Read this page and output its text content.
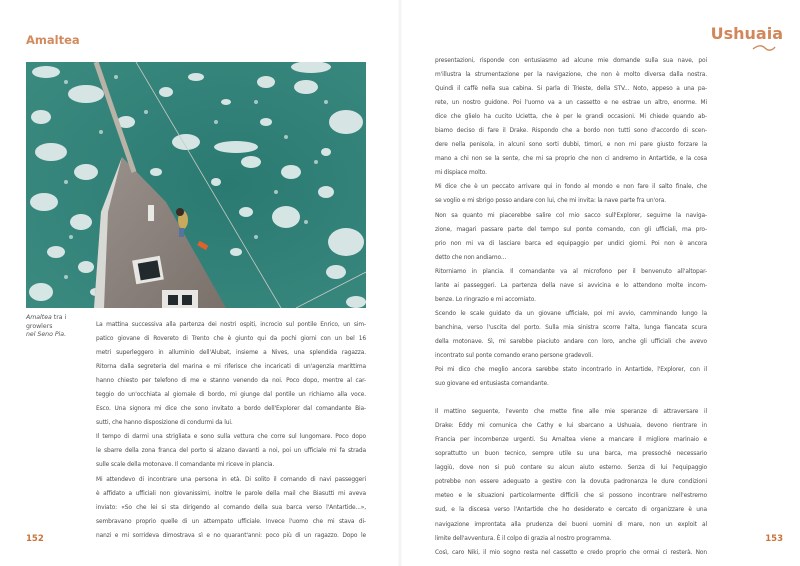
Amaltea
Amaltea tra i growlers
nel Seno Pia.
La mattina successiva alla partenza dei nostri ospiti, incrocio sul pontile Enrico, un sim-
patico giovane di Rovereto di Trento che è giunto qui da pochi giorni con un bel 16
metri superleggero in alluminio dell'Alubat, insieme a Nives, una splendida ragazza.
Ritorna dalla segreteria del marina e mi riferisce che incaricati di un'agenzia marittima
hanno chiesto per telefono di me e stanno venendo da noi. Poco dopo, mentre al car-
teggio do un'occhiata al giornale di bordo, mi giunge dal pontile un richiamo alla voce.
Esco. Una signora mi dice che sono invitato a bordo dell'Explorer dal comandante Bia-
sutti, che hanno disposizione di condurmi da lui.
Il tempo di darmi una strigliata e sono sulla vettura che corre sul lungomare. Poco dopo
le sbarre della zona franca del porto si alzano davanti a noi, poi un ufficiale mi fa strada
sulle scale della motonave. Il comandante mi riceve in plancia.
Mi attendevo di incontrare una persona in età. Di solito il comando di navi passeggeri
è affidato a ufficiali non giovanissimi, inoltre le parole della mail che Biasutti mi aveva
inviato: «So che lei si sta dirigendo al comando della sua barca verso l'Antartide...»,
sembravano proprio quelle di un attempato ufficiale. Invece l'uomo che mi stava di-
nanzi e mi sorrideva dimostrava sì e no quarant'anni: poco più di un ragazzo. Dopo le
152
Ushuaia
presentazioni, risponde con entusiasmo ad alcune mie domande sulla sua nave, poi
m'illustra la strumentazione per la navigazione, che non è molto diversa dalla nostra.
Quindi il caffè nella sua cabina. Si parla di Trieste, della STV... Noto, appeso a una pa-
rete, un nostro guidone. Poi l'uomo va a un cassetto e ne estrae un altro, enorme. Mi
dice che glielo ha cucito Ucietta, che è per le grandi occasioni. Mi chiede quando ab-
biamo deciso di fare il Drake. Rispondo che a bordo non tutti sono d'accordo di scen-
dere nella penisola, in alcuni sono sorti dubbi, timori, e non mi pare giusto forzare la
mano a chi non se la sente, che mi sa proprio che non ci andremo in Antartide, e la cosa
mi dispiace molto.
Mi dice che è un peccato arrivare qui in fondo al mondo e non fare il salto finale, che
se voglio e mi sbrigo posso andare con lui, che mi invita: la nave parte fra un'ora.
Non sa quanto mi piacerebbe salire col mio sacco sull'Explorer, seguirne la naviga-
zione, magari passare parte del tempo sul ponte comando, con gli ufficiali, ma pro-
prio non mi va di lasciare barca ed equipaggio per undici giorni. Poi non è ancora
detto che non andiamo...
Ritorniamo in plancia. Il comandante va al microfono per il benvenuto all'altopar-
lante ai passeggeri. La partenza della nave si avvicina e lo attendono molte incom-
benze. Lo ringrazio e mi accomiato.
Scendo le scale guidato da un giovane ufficiale, poi mi avvio, camminando lungo la
banchina, verso l'uscita del porto. Sulla mia sinistra scorre l'alta, lunga fiancata scura
della motonave. Sì, mi sarebbe piaciuto andare con loro, anche gli ufficiali che avevo
incontrato sul ponte comando erano persone gradevoli.
Poi mi dico che meglio ancora sarebbe stato incontrarlo in Antartide, l'Explorer, con il
suo giovane ed entusiasta comandante.
Il mattino seguente, l'evento che mette fine alle mie speranze di attraversare il
Drake: Eddy mi comunica che Cathy e lui sbarcano a Ushuaia, devono rientrare in
Francia per incombenze urgenti. Su Amaltea viene a mancare il migliore marinaio e
soprattutto un buon tecnico, sempre utile su una barca, ma pressoché necessario
laggiù, dove non si può contare su alcun aiuto esterno. Senza di lui l'equipaggio
potrebbe non essere adeguato a gestire con la dovuta padronanza le dure condizioni
meteo e le situazioni particolarmente difficili che si possono incontrare nell'estremo
sud, e la discesa verso l'Antartide che ho desiderato e cercato di organizzare è una
navigazione improntata alla prudenza dei buoni uomini di mare, non un exploit al
limite dell'avventura. È il colpo di grazia al nostro programma.
Così, caro Niki, il mio sogno resta nel cassetto e credo proprio che ormai ci resterà. Non
153
